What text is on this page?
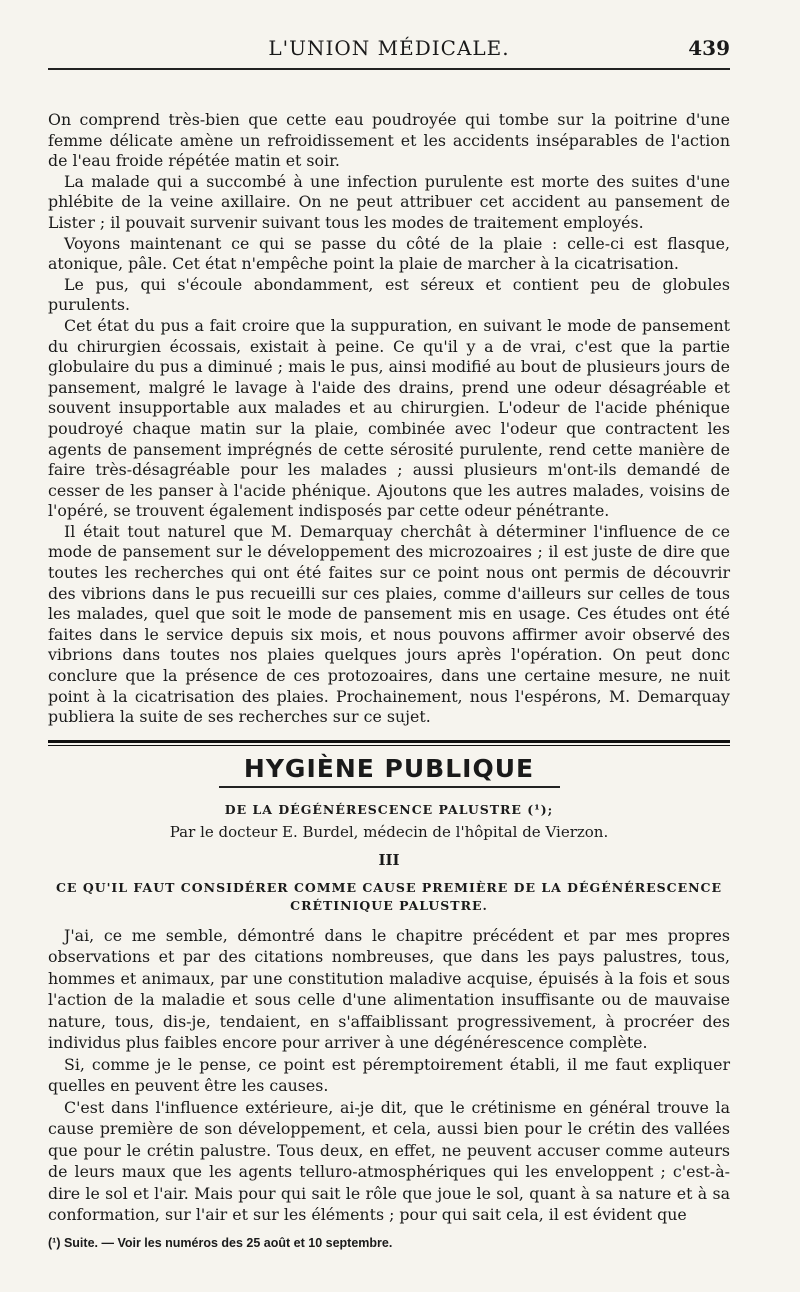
L'UNION MÉDICALE.	439

On comprend très-bien que cette eau poudroyée qui tombe sur la poitrine d'une femme délicate amène un refroidissement et les accidents inséparables de l'action de l'eau froide répétée matin et soir.

La malade qui a succombé à une infection purulente est morte des suites d'une phlébite de la veine axillaire. On ne peut attribuer cet accident au pansement de Lister ; il pouvait survenir suivant tous les modes de traitement employés.

Voyons maintenant ce qui se passe du côté de la plaie : celle-ci est flasque, atonique, pâle. Cet état n'empêche point la plaie de marcher à la cicatrisation.

Le pus, qui s'écoule abondamment, est séreux et contient peu de globules purulents.

Cet état du pus a fait croire que la suppuration, en suivant le mode de pansement du chirurgien écossais, existait à peine. Ce qu'il y a de vrai, c'est que la partie globulaire du pus a diminué ; mais le pus, ainsi modifié au bout de plusieurs jours de pansement, malgré le lavage à l'aide des drains, prend une odeur désagréable et souvent insupportable aux malades et au chirurgien. L'odeur de l'acide phénique poudroyé chaque matin sur la plaie, combinée avec l'odeur que contractent les agents de pansement imprégnés de cette sérosité purulente, rend cette manière de faire très-désagréable pour les malades ; aussi plusieurs m'ont-ils demandé de cesser de les panser à l'acide phénique. Ajoutons que les autres malades, voisins de l'opéré, se trouvent également indisposés par cette odeur pénétrante.

Il était tout naturel que M. Demarquay cherchât à déterminer l'influence de ce mode de pansement sur le développement des microzoaires ; il est juste de dire que toutes les recherches qui ont été faites sur ce point nous ont permis de découvrir des vibrions dans le pus recueilli sur ces plaies, comme d'ailleurs sur celles de tous les malades, quel que soit le mode de pansement mis en usage. Ces études ont été faites dans le service depuis six mois, et nous pouvons affirmer avoir observé des vibrions dans toutes nos plaies quelques jours après l'opération. On peut donc conclure que la présence de ces protozoaires, dans une certaine mesure, ne nuit point à la cicatrisation des plaies. Prochainement, nous l'espérons, M. Demarquay publiera la suite de ses recherches sur ce sujet.

HYGIÈNE PUBLIQUE
DE LA DÉGÉNÉRESCENCE PALUSTRE (¹);
Par le docteur E. Burdel, médecin de l'hôpital de Vierzon.
III
CE QU'IL FAUT CONSIDÉRER COMME CAUSE PREMIÈRE DE LA DÉGÉNÉRESCENCE
CRÉTINIQUE PALUSTRE.

J'ai, ce me semble, démontré dans le chapitre précédent et par mes propres observations et par des citations nombreuses, que dans les pays palustres, tous, hommes et animaux, par une constitution maladive acquise, épuisés à la fois et sous l'action de la maladie et sous celle d'une alimentation insuffisante ou de mauvaise nature, tous, dis-je, tendaient, en s'affaiblissant progressivement, à procréer des individus plus faibles encore pour arriver à une dégénérescence complète.

Si, comme je le pense, ce point est péremptoirement établi, il me faut expliquer quelles en peuvent être les causes.

C'est dans l'influence extérieure, ai-je dit, que le crétinisme en général trouve la cause première de son développement, et cela, aussi bien pour le crétin des vallées que pour le crétin palustre. Tous deux, en effet, ne peuvent accuser comme auteurs de leurs maux que les agents telluro-atmosphériques qui les enveloppent ; c'est-à-dire le sol et l'air. Mais pour qui sait le rôle que joue le sol, quant à sa nature et à sa conformation, sur l'air et sur les éléments ; pour qui sait cela, il est évident que

(¹) Suite. — Voir les numéros des 25 août et 10 septembre.
